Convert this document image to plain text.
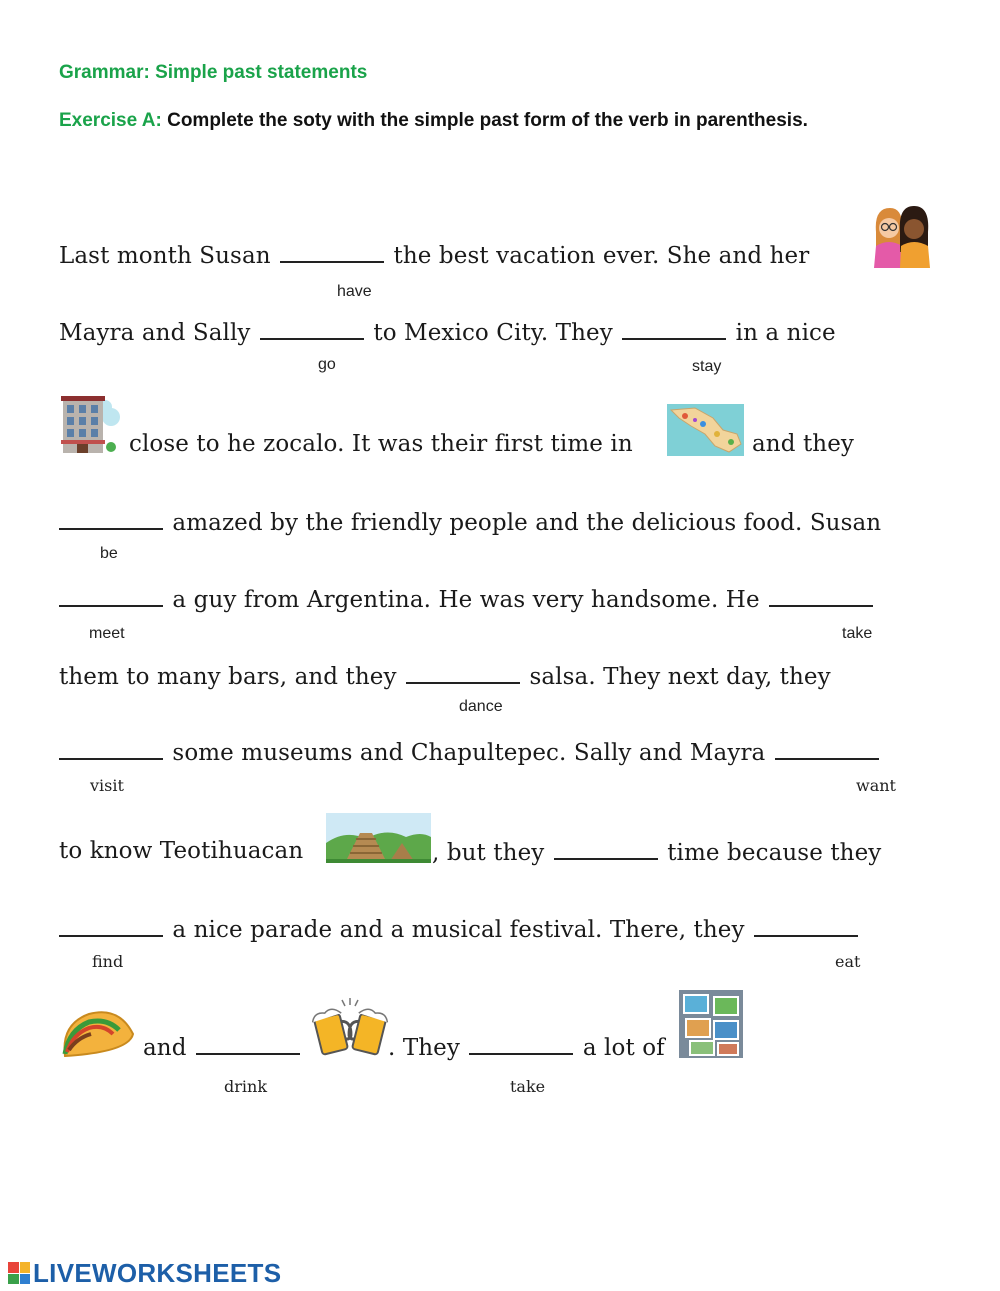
Grammar: Simple past statements
Exercise A: Complete the soty with the simple past form of the verb in parenthesis.
Last month Susan	the best vacation ever. She and her
have
Mayra and Sally	to Mexico City. They	in a nice
go	stay
close to he zocalo. It was their first time in	and they
amazed by the friendly people and the delicious food. Susan
be
a guy from Argentina. He was very handsome. He
meet	take
them to many bars, and they	salsa. They next day, they
dance
some museums and Chapultepec. Sally and Mayra
visit	want
to know Teotihuacan	, but they	time because they
a nice parade and a musical festival. There, they
find	eat
and	. They	a lot of
drink	take
LIVEWORKSHEETS
